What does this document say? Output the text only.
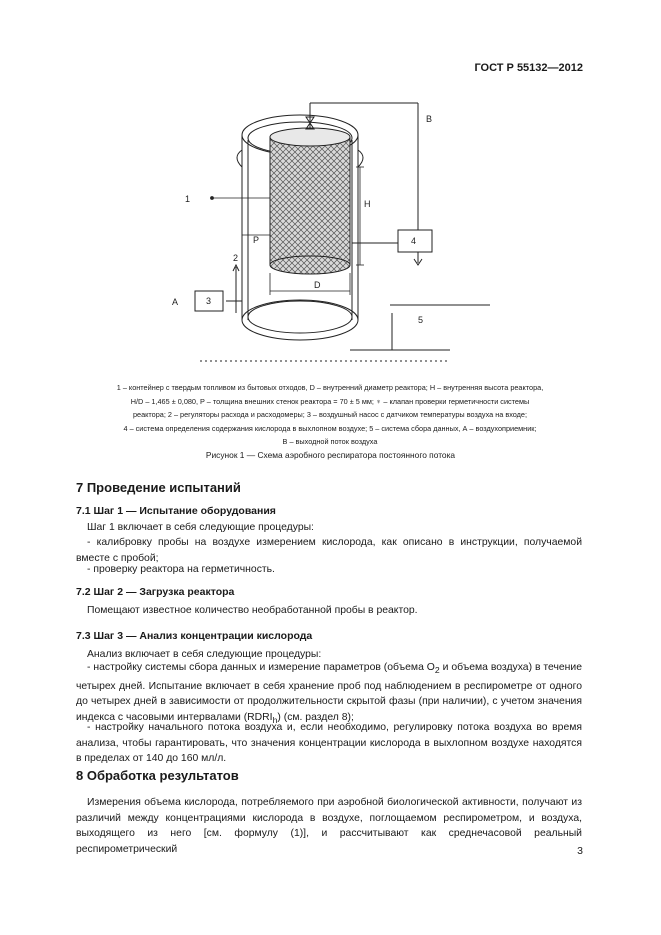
ГОСТ Р 55132—2012
1
2
3
4
5
А
В
H
P
D
1 – контейнер с твердым топливом из бытовых отходов, D – внутренний диаметр реактора; H – внутренняя высота реактора,
H/D – 1,465 ± 0,080, P – толщина внешних стенок реактора = 70 ± 5 мм; ♆ – клапан проверки герметичности системы
реактора; 2 – регуляторы расхода и расходомеры; 3 – воздушный насос с датчиком температуры воздуха на входе;
4 – система определения содержания кислорода в выхлопном воздухе; 5 – система сбора данных, А – воздухоприемник;
В – выходной поток воздуха
Рисунок 1 — Схема аэробного респиратора постоянного потока
7 Проведение испытаний
7.1 Шаг 1 — Испытание оборудования
Шаг 1 включает в себя следующие процедуры:
- калибровку пробы на воздухе измерением кислорода, как описано в инструкции, получаемой вместе с пробой;
- проверку реактора на герметичность.
7.2 Шаг 2 — Загрузка реактора
Помещают известное количество необработанной пробы в реактор.
7.3 Шаг 3 — Анализ концентрации кислорода
Анализ включает в себя следующие процедуры:
- настройку системы сбора данных и измерение параметров (объема $O_2$ и объема воздуха) в течение четырех дней. Испытание включает в себя хранение проб под наблюдением в респирометре от одного до четырех дней в зависимости от продолжительности скрытой фазы (при наличии), с учетом значения индекса с часовыми интервалами $(RDRI_h)$ (см. раздел 8);
- настройку начального потока воздуха и, если необходимо, регулировку потока воздуха во время анализа, чтобы гарантировать, что значения концентрации кислорода в выхлопном воздухе находятся в пределах от 140 до 160 мл/л.
8 Обработка результатов
Измерения объема кислорода, потребляемого при аэробной биологической активности, получают из различий между концентрациями кислорода в воздухе, поглощаемом респирометром, и воздуха, выходящего из него [см. формулу (1)], и рассчитывают как среднечасовой реальный респирометрический	3
